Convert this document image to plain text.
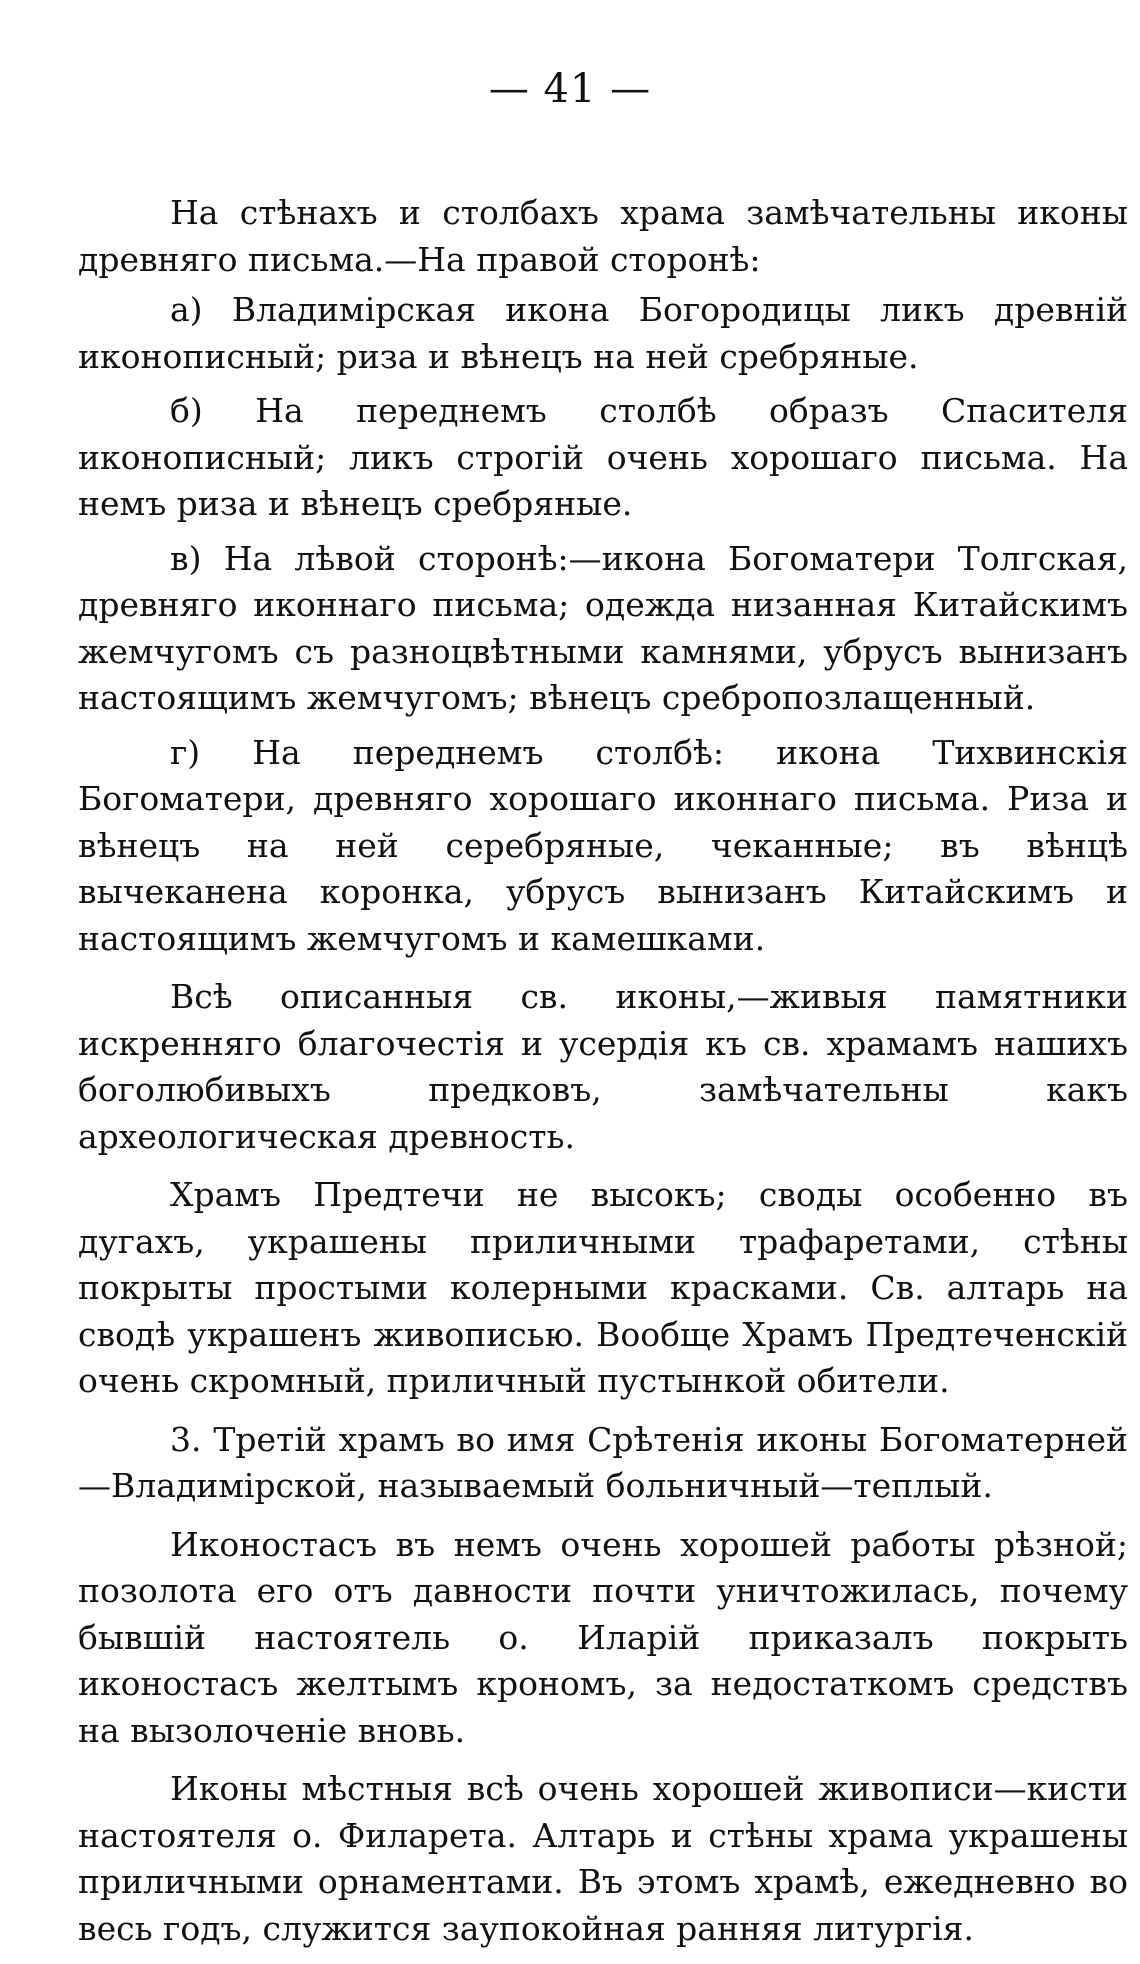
— 41 —

На стѣнахъ и столбахъ храма замѣчательны иконы древняго письма.—На правой сторонѣ:

а) Владимірская икона Богородицы ликъ древній иконописный; риза и вѣнецъ на ней сребряные.

б) На переднемъ столбѣ образъ Спасителя иконописный; ликъ строгій очень хорошаго письма. На немъ риза и вѣнецъ сребряные.

в) На лѣвой сторонѣ:—икона Богоматери Толгская, древняго иконнаго письма; одежда низанная Китайскимъ жемчугомъ съ разноцвѣтными камнями, убрусъ вынизанъ настоящимъ жемчугомъ; вѣнецъ сребропозлащенный.

г) На переднемъ столбѣ: икона Тихвинскія Богоматери, древняго хорошаго иконнаго письма. Риза и вѣнецъ на ней серебряные, чеканные; въ вѣнцѣ вычеканена коронка, убрусъ вынизанъ Китайскимъ и настоящимъ жемчугомъ и камешками.

Всѣ описанныя св. иконы,—живыя памятники искренняго благочестія и усердія къ св. храмамъ нашихъ боголюбивыхъ предковъ, замѣчательны какъ археологическая древность.

Храмъ Предтечи не высокъ; своды особенно въ дугахъ, украшены приличными трафаретами, стѣны покрыты простыми колерными красками. Св. алтарь на сводѣ украшенъ живописью. Вообще Храмъ Предтеченскій очень скромный, приличный пустынкой обители.

3. Третій храмъ во имя Срѣтенія иконы Богоматерней—Владимірской, называемый больничный—теплый.

Иконостасъ въ немъ очень хорошей работы рѣзной; позолота его отъ давности почти уничтожилась, почему бывшій настоятель о. Иларій приказалъ покрыть иконостасъ желтымъ крономъ, за недостаткомъ средствъ на вызолоченіе вновь.

Иконы мѣстныя всѣ очень хорошей живописи—кисти настоятеля о. Филарета. Алтарь и стѣны храма украшены приличными орнаментами. Въ этомъ храмѣ, ежедневно во весь годъ, служится заупокойная ранняя литургія.
